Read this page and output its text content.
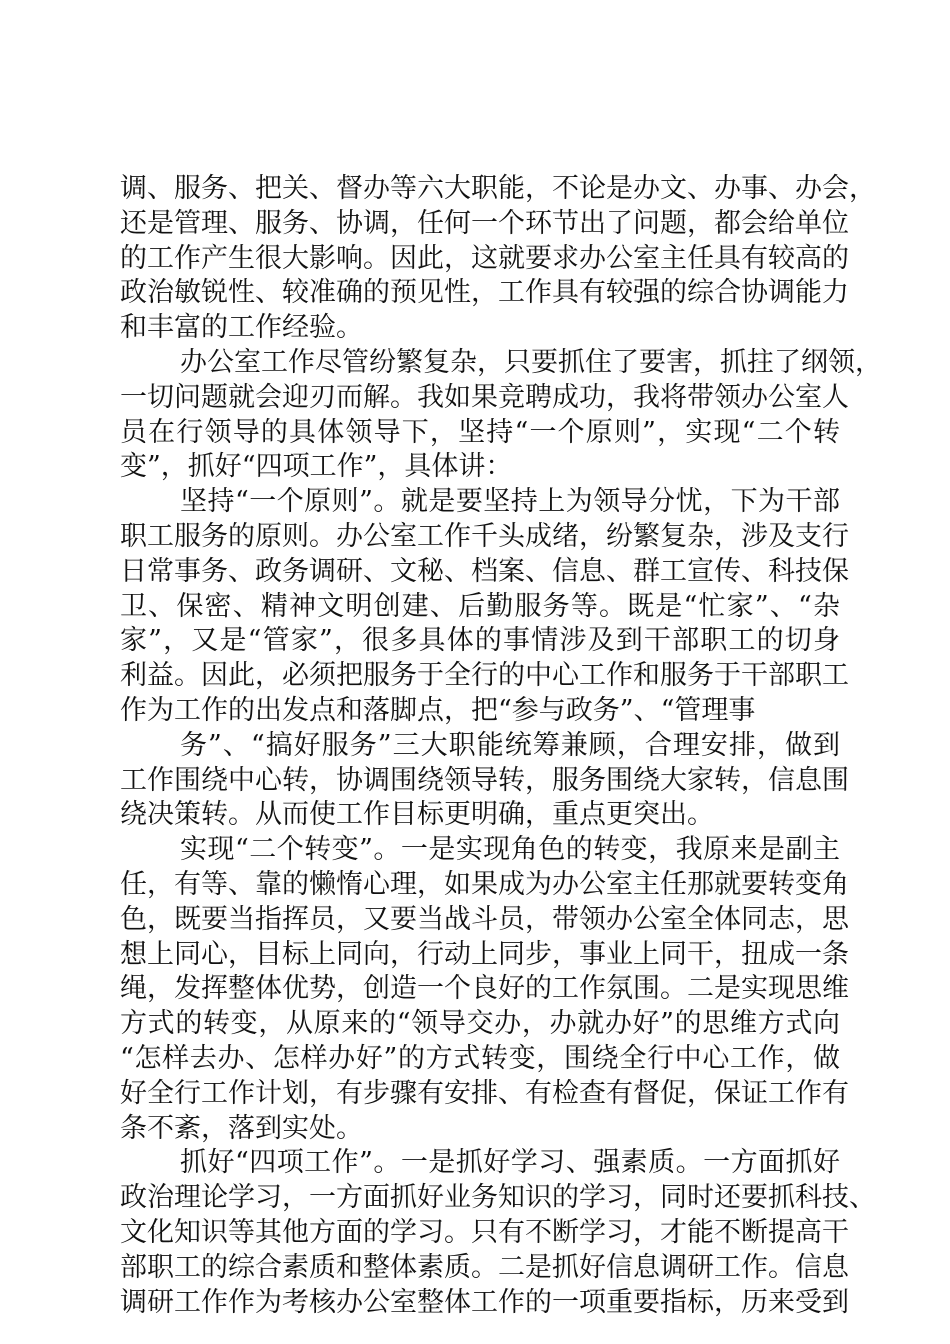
调、服务、把关、督办等六大职能，不论是办文、办事、办会，
还是管理、服务、协调，任何一个环节出了问题，都会给单位
的工作产生很大影响。因此，这就要求办公室主任具有较高的
政治敏锐性、较准确的预见性，工作具有较强的综合协调能力
和丰富的工作经验。
办公室工作尽管纷繁复杂，只要抓住了要害，抓拄了纲领，
一切问题就会迎刃而解。我如果竞聘成功，我将带领办公室人
员在行领导的具体领导下，坚持“一个原则”，实现“二个转
变”，抓好“四项工作”，具体讲：
坚持“一个原则”。就是要坚持上为领导分忧，下为干部
职工服务的原则。办公室工作千头成绪，纷繁复杂，涉及支行
日常事务、政务调研、文秘、档案、信息、群工宣传、科技保
卫、保密、精神文明创建、后勤服务等。既是“忙家”、“杂
家”，又是“管家”，很多具体的事情涉及到干部职工的切身
利益。因此，必须把服务于全行的中心工作和服务于干部职工
作为工作的出发点和落脚点，把“参与政务”、“管理事
务”、“搞好服务”三大职能统筹兼顾，合理安排，做到
工作围绕中心转，协调围绕领导转，服务围绕大家转，信息围
绕决策转。从而使工作目标更明确，重点更突出。
实现“二个转变”。一是实现角色的转变，我原来是副主
任，有等、靠的懒惰心理，如果成为办公室主任那就要转变角
色，既要当指挥员，又要当战斗员，带领办公室全体同志，思
想上同心，目标上同向，行动上同步，事业上同干，扭成一条
绳，发挥整体优势，创造一个良好的工作氛围。二是实现思维
方式的转变，从原来的“领导交办，办就办好”的思维方式向
“怎样去办、怎样办好”的方式转变，围绕全行中心工作，做
好全行工作计划，有步骤有安排、有检查有督促，保证工作有
条不紊，落到实处。
抓好“四项工作”。一是抓好学习、强素质。一方面抓好
政治理论学习，一方面抓好业务知识的学习，同时还要抓科技、
文化知识等其他方面的学习。只有不断学习，才能不断提高干
部职工的综合素质和整体素质。二是抓好信息调研工作。信息
调研工作作为考核办公室整体工作的一项重要指标，历来受到
